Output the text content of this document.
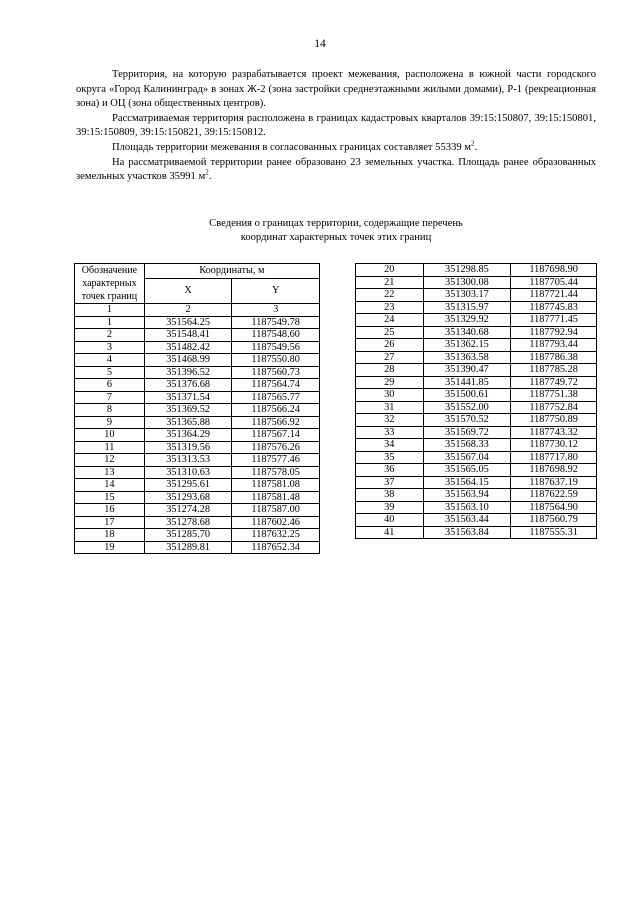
14

Территория, на которую разрабатывается проект межевания, расположена в южной части городского округа «Город Калининград» в зонах Ж-2 (зона застройки среднеэтажными жилыми домами), Р-1 (рекреационная зона) и ОЦ (зона общественных центров).

Рассматриваемая территория расположена в границах кадастровых кварталов 39:15:150807, 39:15:150801, 39:15:150809, 39:15:150821, 39:15:150812.

Площадь территории межевания в согласованных границах составляет 55339 $м^2$.

На рассматриваемой территории ранее образовано 23 земельных участка. Площадь ранее образованных земельных участков 35991 $м^2$.

Сведения о границах территории, содержащие перечень
координат характерных точек этих границ
Обозначение
характерных
точек границ	Координаты, м	
	X	Y
1	2	3
1	351564.25	1187549.78
2	351548.41	1187548.60
3	351482.42	1187549.56
4	351468.99	1187550.80
5	351396.52	1187560.73
6	351376.68	1187564.74
7	351371.54	1187565.77
8	351369.52	1187566.24
9	351365.88	1187566.92
10	351364.29	1187567.14
11	351319.56	1187576.26
12	351313.53	1187577.46
13	351310.63	1187578.05
14	351295.61	1187581.08
15	351293.68	1187581.48
16	351274.28	1187587.00
17	351278.68	1187602.46
18	351285.70	1187632.25
19	351289.81	1187652.34
20	351298.85	1187698.90
21	351300.08	1187705.44
22	351303.17	1187721.44
23	351315.97	1187745.83
24	351329.92	1187771.45
25	351340.68	1187792.94
26	351362.15	1187793.44
27	351363.58	1187786.38
28	351390.47	1187785.28
29	351441.85	1187749.72
30	351500.61	1187751.38
31	351552.00	1187752.84
32	351570.52	1187750.89
33	351569.72	1187743.32
34	351568.33	1187730.12
35	351567.04	1187717.80
36	351565.05	1187698.92
37	351564.15	1187637.19
38	351563.94	1187622.59
39	351563.10	1187564.90
40	351563.44	1187560.79
41	351563.84	1187555.31
